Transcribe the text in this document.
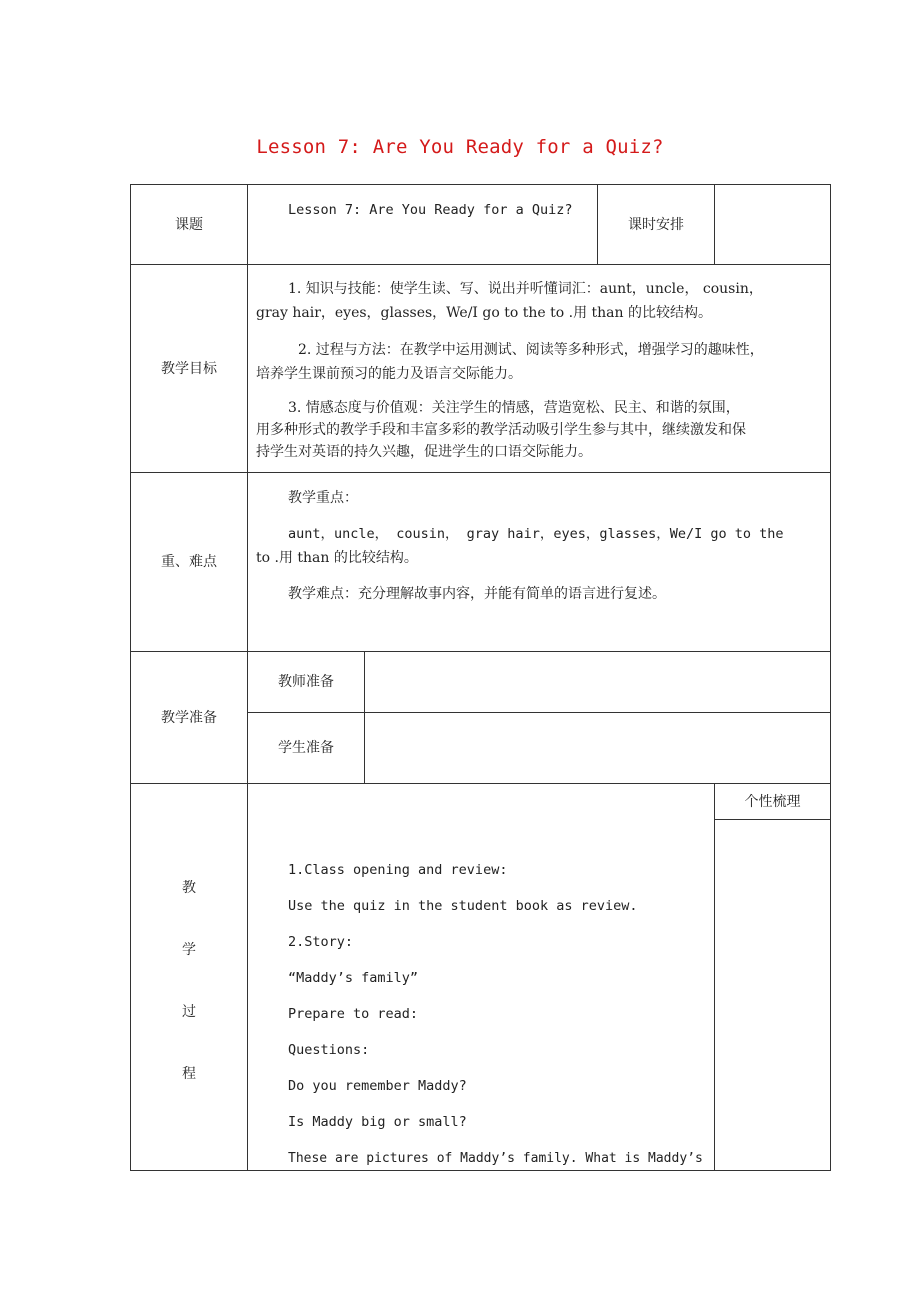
Lesson 7: Are You Ready for a Quiz?
课题
Lesson 7: Are You Ready for a Quiz?
课时安排
教学目标
1. 知识与技能：使学生读、写、说出并听懂词汇：aunt，uncle， cousin，
gray hair，eyes，glasses，We/I go to the to .用 than 的比较结构。
2. 过程与方法：在教学中运用测试、阅读等多种形式，增强学习的趣味性，
培养学生课前预习的能力及语言交际能力。
3. 情感态度与价值观：关注学生的情感，营造宽松、民主、和谐的氛围，
用多种形式的教学手段和丰富多彩的教学活动吸引学生参与其中，继续激发和保
持学生对英语的持久兴趣，促进学生的口语交际能力。
重、难点
教学重点：
aunt，uncle， cousin， gray hair，eyes，glasses，We/I go to the
to .用 than 的比较结构。
教学难点：充分理解故事内容，并能有简单的语言进行复述。
教学准备
教师准备
学生准备
教
学
过
程
个性梳理
1.Class opening and review:
Use the quiz in the student book as review.
2.Story:
“Maddy’s family”
Prepare to read:
Questions:
Do you remember Maddy?
Is Maddy big or small?
These are pictures of Maddy’s family. What is Maddy’s
